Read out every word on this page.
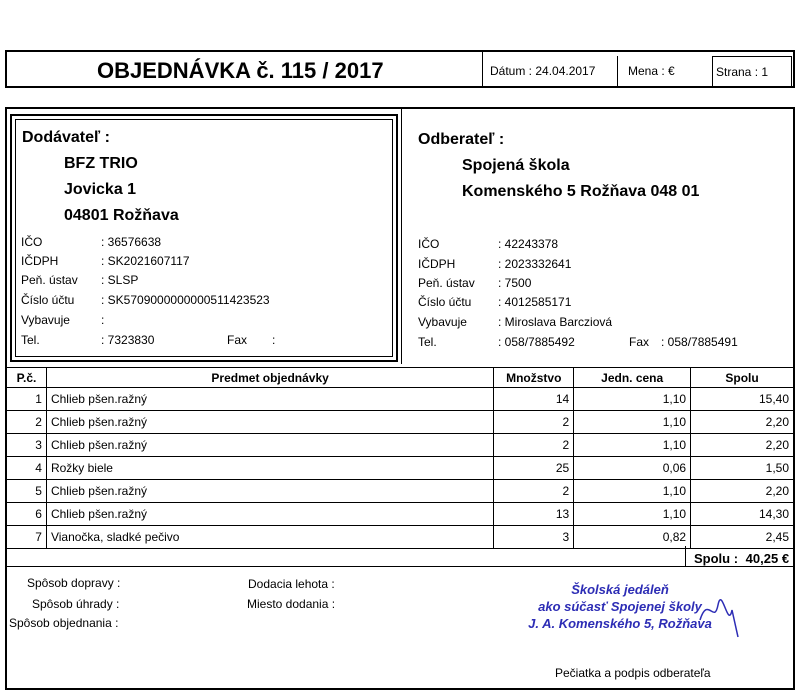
OBJEDNÁVKA č. 115 / 2017	Dátum : 24.04.2017	Mena : €	Strana : 1
Dodávateľ :
BFZ TRIO
Jovicka 1
04801 Rožňava
IČO	: 36576638
IČDPH	: SK2021607117
Peň. ústav : SLSP
Číslo účtu : SK5709000000000511423523
Vybavuje	:
Tel.	: 7323830	Fax :
Odberateľ :
Spojená škola
Komenského 5 Rožňava 048 01
IČO	: 42243378
IČDPH	: 2023332641
Peň. ústav : 7500
Číslo účtu : 4012585171
Vybavuje	: Miroslava Barcziová
Tel.	: 058/7885492	Fax : 058/7885491
P.č.	Predmet objednávky	Množstvo	Jedn. cena	Spolu
1	Chlieb pšen.ražný	14	1,10	15,40
2	Chlieb pšen.ražný	2	1,10	2,20
3	Chlieb pšen.ražný	2	1,10	2,20
4	Rožky biele	25	0,06	1,50
5	Chlieb pšen.ražný	2	1,10	2,20
6	Chlieb pšen.ražný	13	1,10	14,30
7	Vianočka, sladké pečivo	3	0,82	2,45
Spolu : 40,25 €
Spôsob dopravy :
Spôsob úhrady :
Spôsob objednania :
Dodacia lehota :
Miesto dodania :
Školská jedáleň
ako súčasť Spojenej školy
J. A. Komenského 5, Rožňava
Pečiatka a podpis odberateľa
